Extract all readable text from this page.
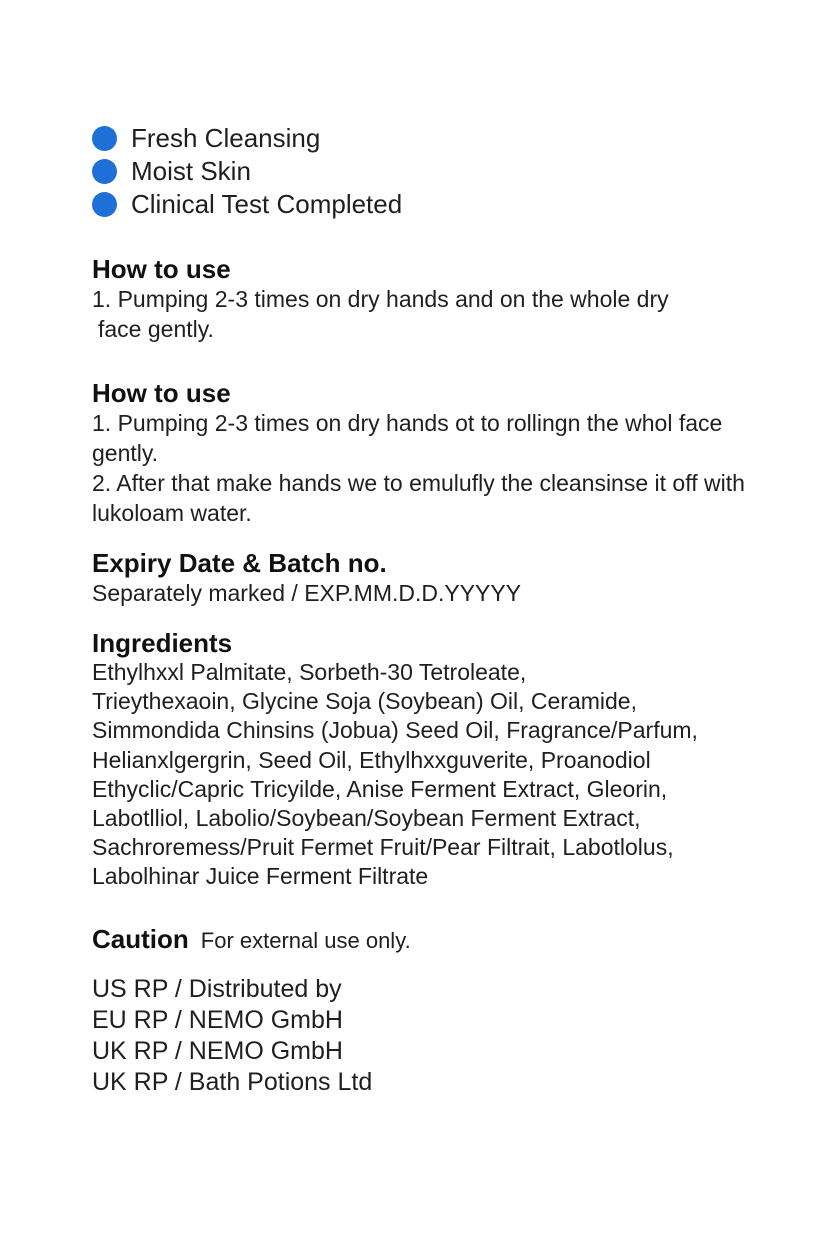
Fresh Cleansing
Moist Skin
Clinical Test Completed
How to use

1. Pumping 2-3 times on dry hands and on the whole dry

face gently.

How to use

1. Pumping 2-3 times on dry hands ot to rollingn the whol face

gently.

2. After that make hands we to emulufly the cleansinse it off with

lukoloam water.

Expiry Date & Batch no.

Separately marked / EXP.MM.D.D.YYYYY

Ingredients
Ethylhxxl Palmitate, Sorbeth-30 Tetroleate,
Trieythexaoin, Glycine Soja (Soybean) Oil, Ceramide,
Simmondida Chinsins (Jobua) Seed Oil, Fragrance/Parfum,
Helianxlgergrin, Seed Oil, Ethylhxxguverite, Proanodiol
Ethyclic/Capric Tricyilde, Anise Ferment Extract, Gleorin,
Labotlliol, Labolio/Soybean/Soybean Ferment Extract,
Sachroremess/Pruit Fermet Fruit/Pear Filtrait, Labotlolus,
Labolhinar Juice Ferment Filtrate
Caution For external use only.
US RP / Distributed by
EU RP / NEMO GmbH
UK RP / NEMO GmbH
UK RP / Bath Potions Ltd
